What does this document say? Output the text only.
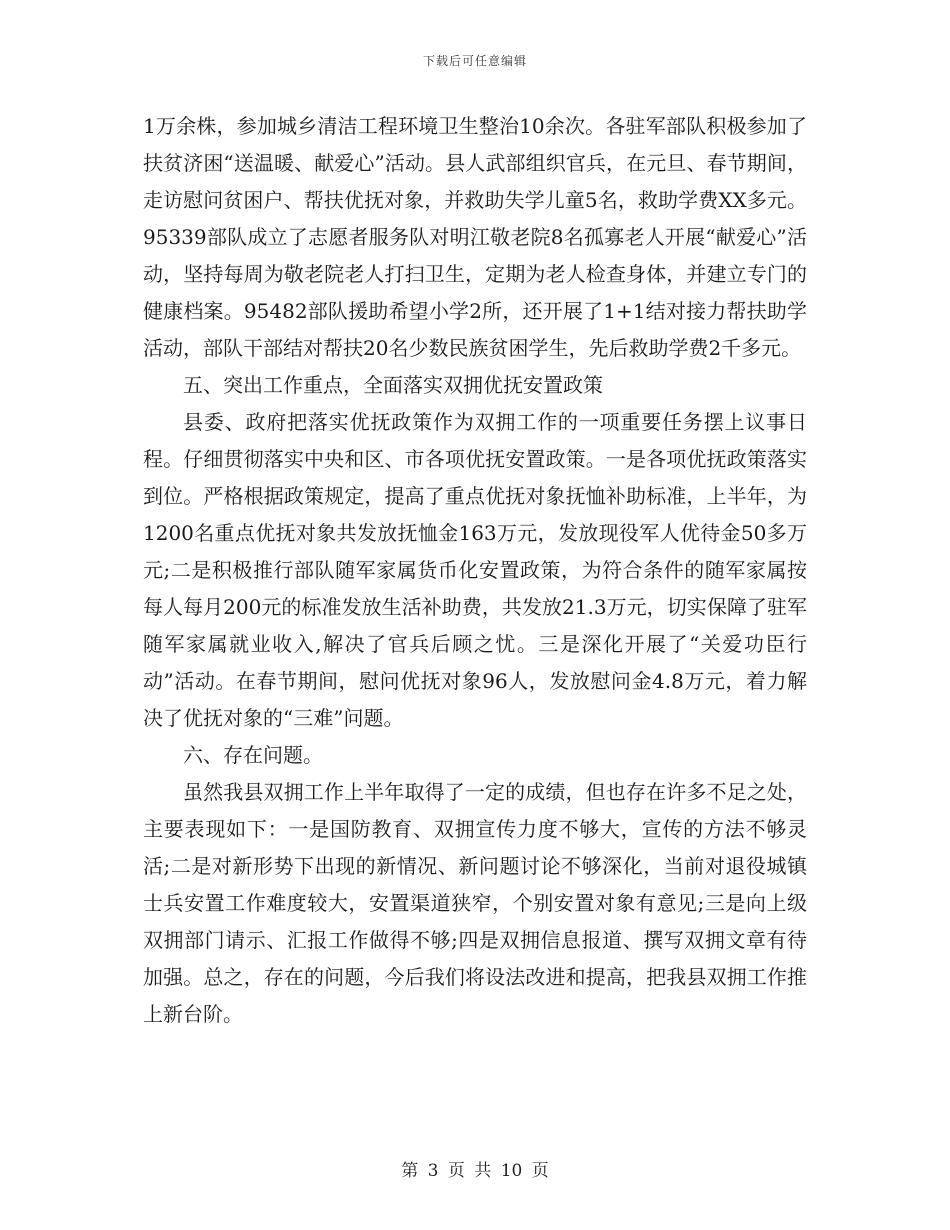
下载后可任意编辑

1万余株，参加城乡清洁工程环境卫生整治10余次。各驻军部队积极参加了扶贫济困“送温暖、献爱心”活动。县人武部组织官兵，在元旦、春节期间，走访慰问贫困户、帮扶优抚对象，并救助失学儿童5名，救助学费XX多元。95339部队成立了志愿者服务队对明江敬老院8名孤寡老人开展“献爱心”活动，坚持每周为敬老院老人打扫卫生，定期为老人检查身体，并建立专门的健康档案。95482部队援助希望小学2所，还开展了1+1结对接力帮扶助学活动，部队干部结对帮扶20名少数民族贫困学生，先后救助学费2千多元。

五、突出工作重点，全面落实双拥优抚安置政策

县委、政府把落实优抚政策作为双拥工作的一项重要任务摆上议事日程。仔细贯彻落实中央和区、市各项优抚安置政策。一是各项优抚政策落实到位。严格根据政策规定，提高了重点优抚对象抚恤补助标准，上半年，为1200名重点优抚对象共发放抚恤金163万元，发放现役军人优待金50多万元;二是积极推行部队随军家属货币化安置政策，为符合条件的随军家属按每人每月200元的标准发放生活补助费，共发放21.3万元，切实保障了驻军随军家属就业收入,解决了官兵后顾之忧。三是深化开展了“关爱功臣行动”活动。在春节期间，慰问优抚对象96人，发放慰问金4.8万元，着力解决了优抚对象的“三难”问题。

六、存在问题。

虽然我县双拥工作上半年取得了一定的成绩，但也存在许多不足之处，主要表现如下：一是国防教育、双拥宣传力度不够大，宣传的方法不够灵活;二是对新形势下出现的新情况、新问题讨论不够深化，当前对退役城镇士兵安置工作难度较大，安置渠道狭窄，个别安置对象有意见;三是向上级双拥部门请示、汇报工作做得不够;四是双拥信息报道、撰写双拥文章有待加强。总之，存在的问题，今后我们将设法改进和提高，把我县双拥工作推上新台阶。

第 3 页 共 10 页
